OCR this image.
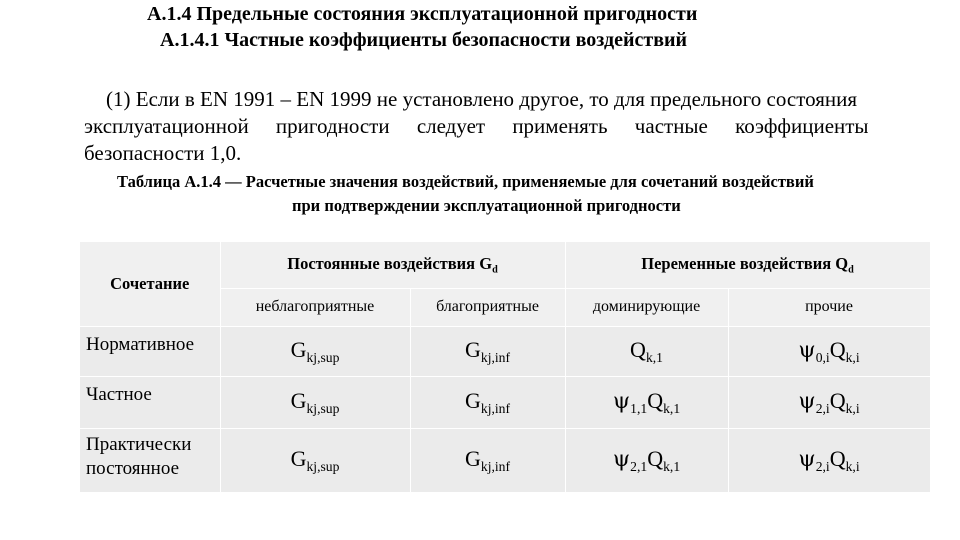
А.1.4 Предельные состояния эксплуатационной пригодности
А.1.4.1 Частные коэффициенты безопасности воздействий
(1) Если в EN 1991 – EN 1999 не установлено другое, то для предельного состояния
эксплуатационной пригодности следует применять частные коэффициенты
безопасности 1,0.
Таблица А.1.4 — Расчетные значения воздействий, применяемые для сочетаний воздействий
при подтверждении эксплуатационной пригодности
Сочетание	Постоянные воздействия $G_d$		Переменные воздействия $Q_d$
	неблагоприятные	благоприятные	доминирующие	прочие
Нормативное	$G_{kj,sup}$	$G_{kj,inf}$	$Q_{k,1}$	$\psi_{0,i}Q_{k,i}$
Частное	$G_{kj,sup}$	$G_{kj,inf}$	$\psi_{1,1}Q_{k,1}$	$\psi_{2,i}Q_{k,i}$
Практически постоянное	$G_{kj,sup}$	$G_{kj,inf}$	$\psi_{2,1}Q_{k,1}$	$\psi_{2,i}Q_{k,i}$
